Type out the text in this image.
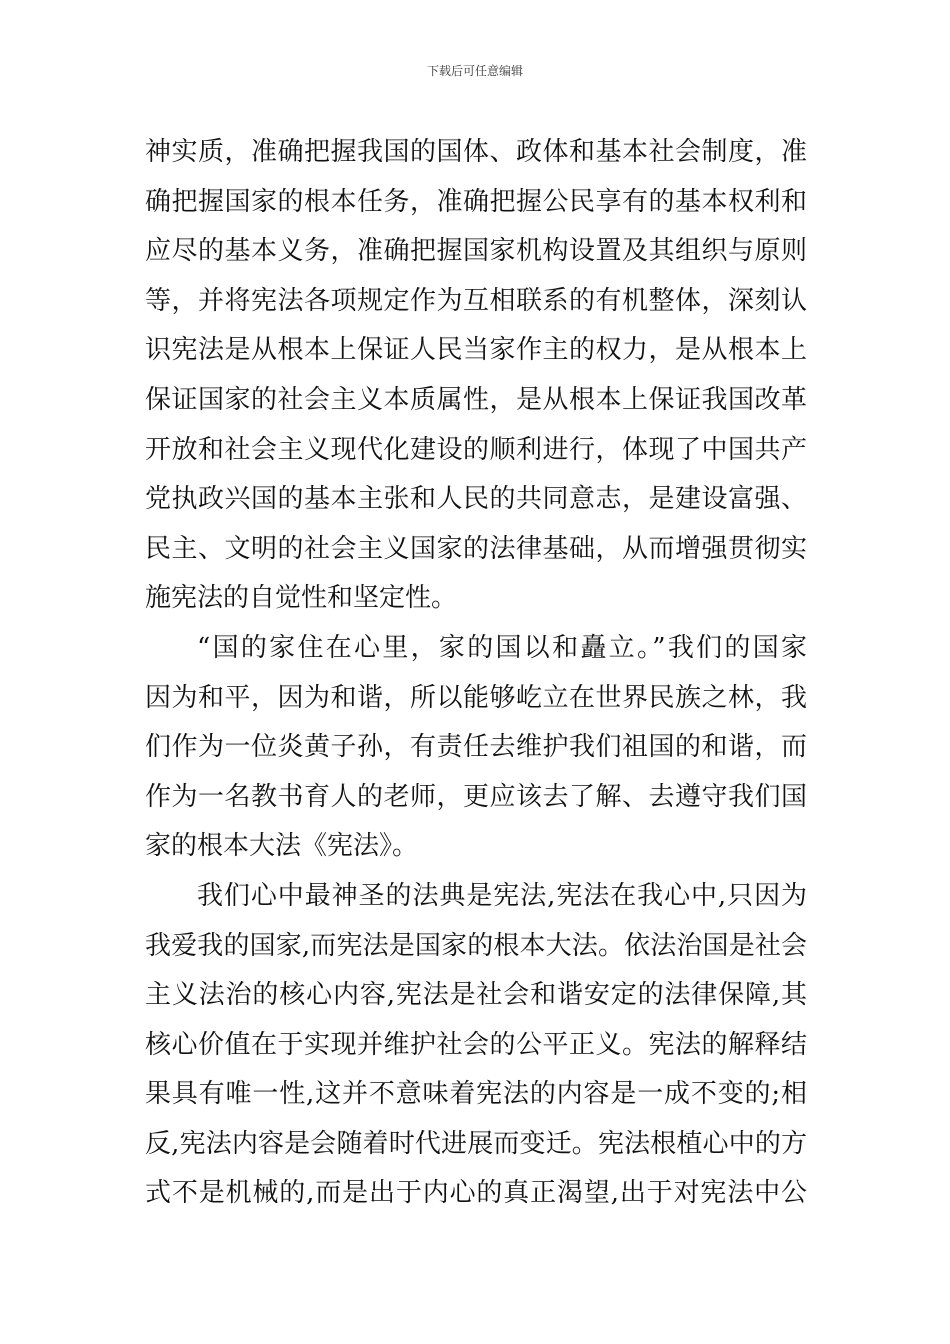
下载后可任意编辑
神实质，准确把握我国的国体、政体和基本社会制度，准
确把握国家的根本任务，准确把握公民享有的基本权利和
应尽的基本义务，准确把握国家机构设置及其组织与原则
等，并将宪法各项规定作为互相联系的有机整体，深刻认
识宪法是从根本上保证人民当家作主的权力，是从根本上
保证国家的社会主义本质属性，是从根本上保证我国改革
开放和社会主义现代化建设的顺利进行，体现了中国共产
党执政兴国的基本主张和人民的共同意志，是建设富强、
民主、文明的社会主义国家的法律基础，从而增强贯彻实
施宪法的自觉性和坚定性。
“国的家住在心里，家的国以和矗立。”我们的国家
因为和平，因为和谐，所以能够屹立在世界民族之林，我
们作为一位炎黄子孙，有责任去维护我们祖国的和谐，而
作为一名教书育人的老师，更应该去了解、去遵守我们国
家的根本大法《宪法》。
我们心中最神圣的法典是宪法,宪法在我心中,只因为
我爱我的国家,而宪法是国家的根本大法。依法治国是社会
主义法治的核心内容,宪法是社会和谐安定的法律保障,其
核心价值在于实现并维护社会的公平正义。宪法的解释结
果具有唯一性,这并不意味着宪法的内容是一成不变的;相
反,宪法内容是会随着时代进展而变迁。宪法根植心中的方
式不是机械的,而是出于内心的真正渴望,出于对宪法中公
